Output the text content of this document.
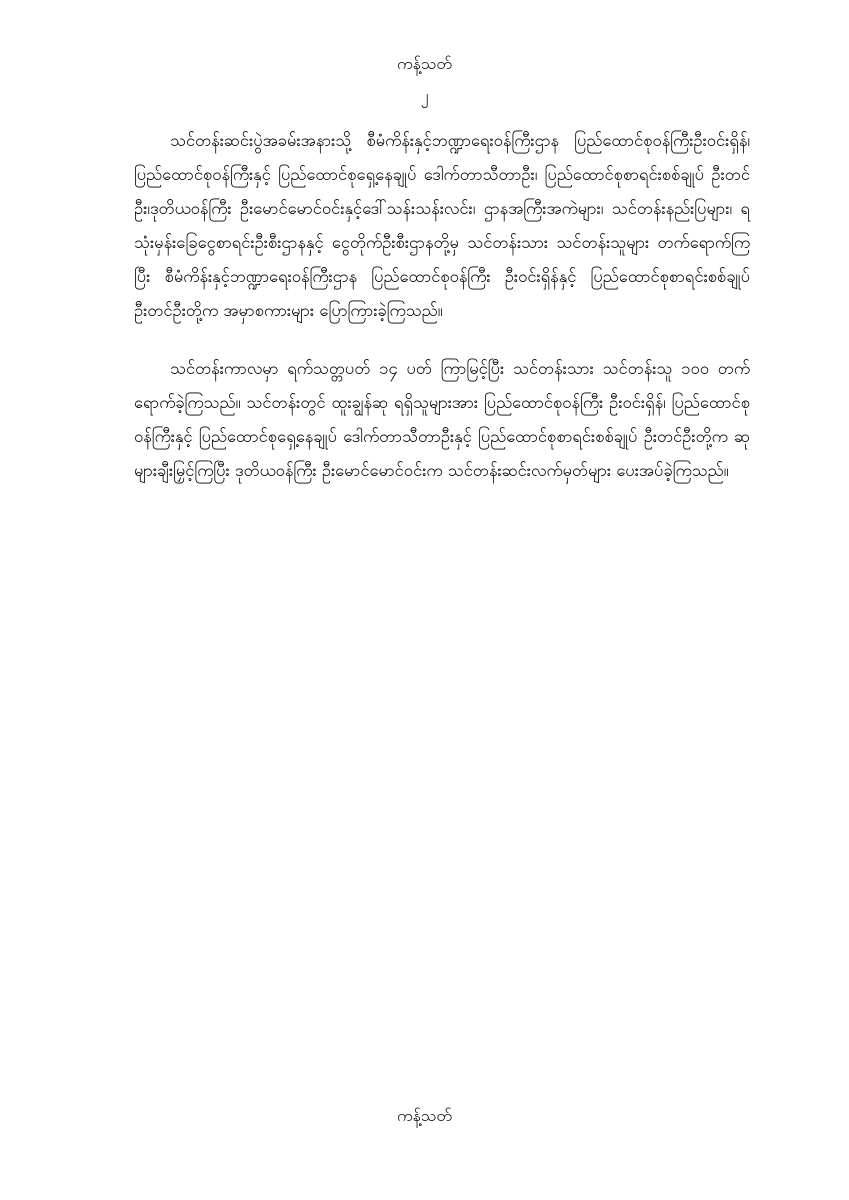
ကန့်သတ်
၂

သင်တန်းဆင်းပွဲအခမ်းအနားသို့ စီမံကိန်းနှင့်ဘဏ္ဍာရေးဝန်ကြီးဌာန ပြည်ထောင်စုဝန်ကြီးဦးဝင်းရှိန်၊ ပြည်ထောင်စုဝန်ကြီးနှင့် ပြည်ထောင်စုရှေ့နေချုပ် ဒေါက်တာသီတာဦး၊ ပြည်ထောင်စုစာရင်းစစ်ချုပ် ဦးတင်ဦး၊ဒုတိယဝန်ကြီး ဦးမောင်မောင်ဝင်းနှင့်ဒေါ်သန်းသန်းလင်း၊ ဌာနအကြီးအကဲများ၊ သင်တန်းနည်းပြများ၊ ရသုံးမှန်းခြေငွေစာရင်းဦးစီးဌာနနှင့် ငွေတိုက်ဦးစီးဌာနတို့မှ သင်တန်းသား သင်တန်းသူများ တက်ရောက်ကြပြီး စီမံကိန်းနှင့်ဘဏ္ဍာရေးဝန်ကြီးဌာန ပြည်ထောင်စုဝန်ကြီး ဦးဝင်းရှိန်နှင့် ပြည်ထောင်စုစာရင်းစစ်ချုပ် ဦးတင်ဦးတို့က အမှာစကားများ ပြောကြားခဲ့ကြသည်။

သင်တန်းကာလမှာ ရက်သတ္တပတ် ၁၄ ပတ် ကြာမြင့်ပြီး သင်တန်းသား သင်တန်းသူ ၁၀၀ တက်ရောက်ခဲ့ကြသည်။ သင်တန်းတွင် ထူးချွန်ဆု ရရှိသူများအား ပြည်ထောင်စုဝန်ကြီး ဦးဝင်းရှိန်၊ ပြည်ထောင်စုဝန်ကြီးနှင့် ပြည်ထောင်စုရှေ့နေချုပ် ဒေါက်တာသီတာဦးနှင့် ပြည်ထောင်စုစာရင်းစစ်ချုပ် ဦးတင်ဦးတို့က ဆုများချီးမြှင့်ကြပြီး ဒုတိယဝန်ကြီး ဦးမောင်မောင်ဝင်းက သင်တန်းဆင်းလက်မှတ်များ ပေးအပ်ခဲ့ကြသည်။

ကန့်သတ်
